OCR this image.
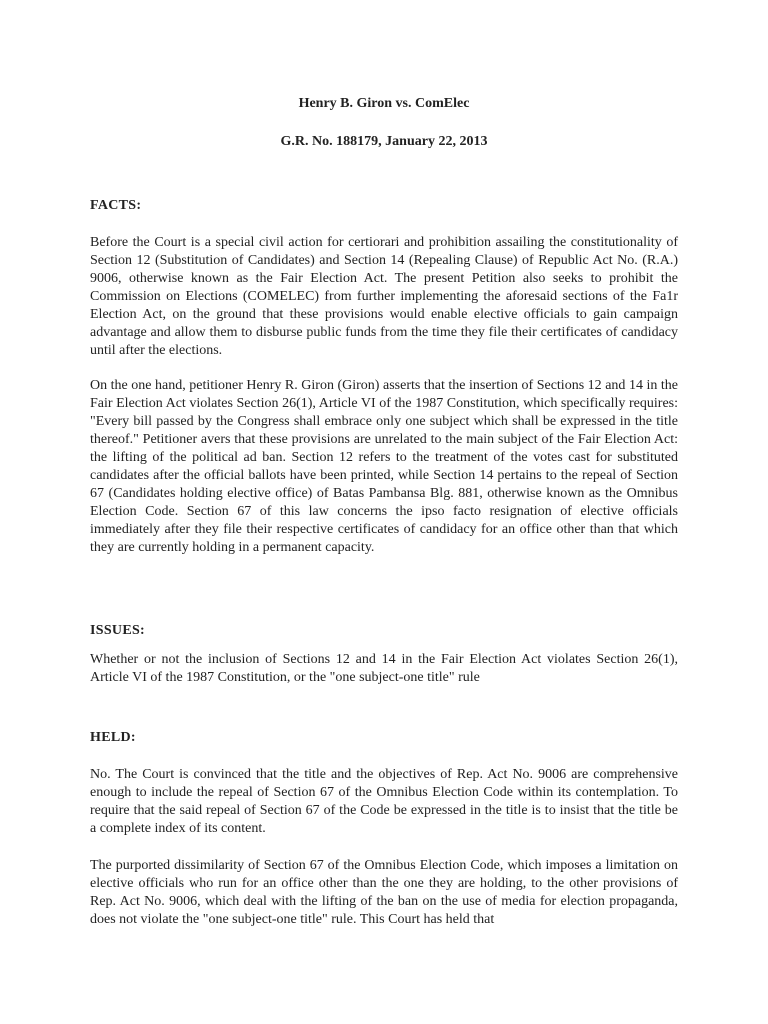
Henry B. Giron vs. ComElec
G.R. No. 188179, January 22, 2013
FACTS:

Before the Court is a special civil action for certiorari and prohibition assailing the constitutionality of Section 12 (Substitution of Candidates) and Section 14 (Repealing Clause) of Republic Act No. (R.A.) 9006, otherwise known as the Fair Election Act. The present Petition also seeks to prohibit the Commission on Elections (COMELEC) from further implementing the aforesaid sections of the Fa1r Election Act, on the ground that these provisions would enable elective officials to gain campaign advantage and allow them to disburse public funds from the time they file their certificates of candidacy until after the elections.

On the one hand, petitioner Henry R. Giron (Giron) asserts that the insertion of Sections 12 and 14 in the Fair Election Act violates Section 26(1), Article VI of the 1987 Constitution, which specifically requires: "Every bill passed by the Congress shall embrace only one subject which shall be expressed in the title thereof." Petitioner avers that these provisions are unrelated to the main subject of the Fair Election Act: the lifting of the political ad ban. Section 12 refers to the treatment of the votes cast for substituted candidates after the official ballots have been printed, while Section 14 pertains to the repeal of Section 67 (Candidates holding elective office) of Batas Pambansa Blg. 881, otherwise known as the Omnibus Election Code. Section 67 of this law concerns the ipso facto resignation of elective officials immediately after they file their respective certificates of candidacy for an office other than that which they are currently holding in a permanent capacity.

ISSUES:

Whether or not the inclusion of Sections 12 and 14 in the Fair Election Act violates Section 26(1), Article VI of the 1987 Constitution, or the "one subject-one title" rule

HELD:

No. The Court is convinced that the title and the objectives of Rep. Act No. 9006 are comprehensive enough to include the repeal of Section 67 of the Omnibus Election Code within its contemplation. To require that the said repeal of Section 67 of the Code be expressed in the title is to insist that the title be a complete index of its content.

The purported dissimilarity of Section 67 of the Omnibus Election Code, which imposes a limitation on elective officials who run for an office other than the one they are holding, to the other provisions of Rep. Act No. 9006, which deal with the lifting of the ban on the use of media for election propaganda, does not violate the "one subject-one title" rule. This Court has held that
